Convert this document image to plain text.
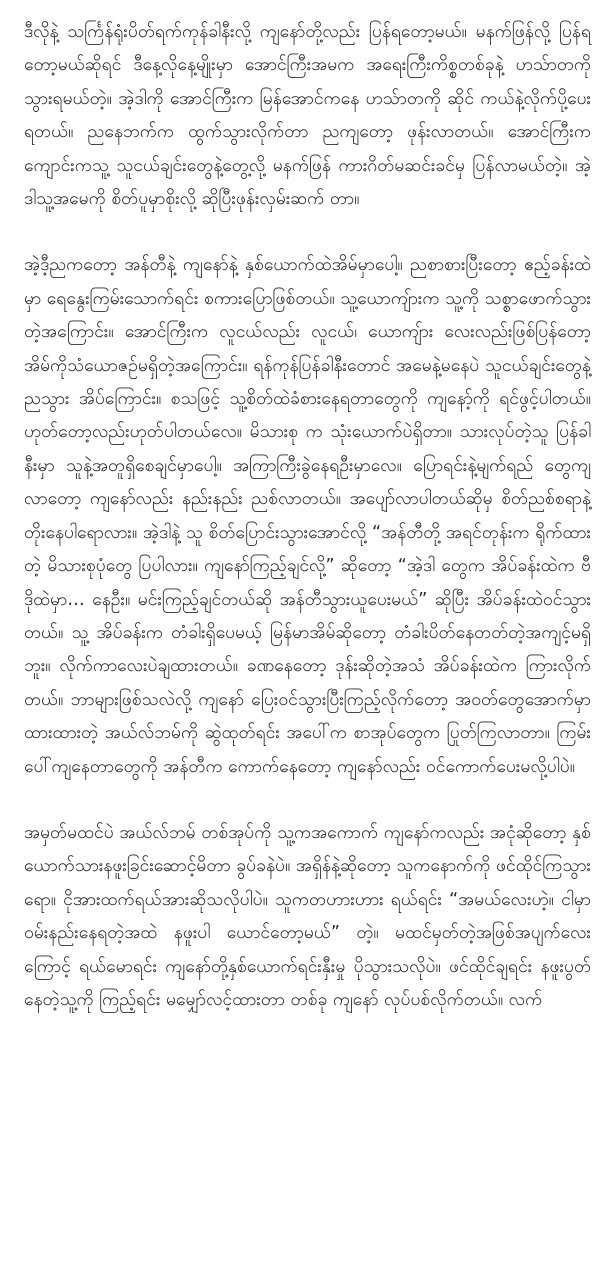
ဒီလိုနဲ့ သင်္ကြန်ရုံးပိတ်ရက်ကုန်ခါနီးလို့ ကျနော်တို့လည်း ပြန်ရတော့မယ်။ မနက်ဖြန်လို့ ပြန်ရတော့မယ်ဆိုရင် ဒီနေ့လိုနေ့မျိုးမှာ အောင်ကြီးအမက အရေးကြီးကိစ္စတစ်ခုနဲ့ ဟသ်ာတကိုသွားရမယ်တဲ့။ အဲ့ဒါကို အောင်ကြီးက မြန်အောင်ကနေ ဟသ်ာတကို ဆိုင် ကယ်နဲ့လိုက်ပို့ပေးရတယ်။ ညနေဘက်က ထွက်သွားလိုက်တာ ညကျတော့ ဖုန်းလာတယ်။ အောင်ကြီးက ကျောင်းကသူ့ သူငယ်ချင်းတွေနဲ့တွေ့လို့ မနက်ဖြန် ကားဂိတ်မဆင်းခင်မှ ပြန်လာမယ်တဲ့။ အဲ့ဒါသူ့အမေကို စိတ်ပူမှာစိုးလို့ ဆိုပြီးဖုန်းလှမ်းဆက် တာ။

အဲ့ဒီ့ညကတော့ အန်တီနဲ့ ကျနော်နဲ့ နှစ်ယောက်ထဲအိမ်မှာပေါ့။ ညစာစားပြီးတော့ ဧည့်ခန်းထဲမှာ ရေနွေးကြမ်းသောက်ရင်း စကားပြောဖြစ်တယ်။ သူ့ယောကျ်ားက သူ့ကို သစ္စာဖောက်သွားတဲ့အကြောင်း။ အောင်ကြီးက လူငယ်လည်း လူငယ်၊ ယောကျ်ား လေးလည်းဖြစ်ပြန်တော့ အိမ်ကိုသံယောဇဉ်မရှိတဲ့အကြောင်း။ ရန်ကုန်ပြန်ခါနီးတောင် အမေနဲ့မနေပဲ သူငယ်ချင်းတွေနဲ့ ညသွား အိပ်ကြောင်း။ စသဖြင့် သူ့စိတ်ထဲခံစားနေရတာတွေကို ကျနော့်ကို ရင်ဖွင့်ပါတယ်။ ဟုတ်တော့လည်းဟုတ်ပါတယ်လေ။ မိသားစု က သုံးယောက်ပဲရှိတာ။ သားလုပ်တဲ့သူ ပြန်ခါနီးမှာ သူနဲ့အတူရှိစေချင်မှာပေါ့။ အကြာကြီးခွဲနေရဦးမှာလေ။ ပြောရင်းနဲ့မျက်ရည် တွေကျလာတော့ ကျနော်လည်း နည်းနည်း ညစ်လာတယ်။ အပျော်လာပါတယ်ဆိုမှ စိတ်ညစ်စရာနဲ့တိုးနေပါရောလား။ အဲ့ဒါနဲ့ သူ စိတ်ပြောင်းသွားအောင်လို့ “အန်တီတို့ အရင်တုန်းက ရိုက်ထားတဲ့ မိသားစုပုံတွေ ပြပါလား။ ကျနော်ကြည့်ချင်လို့” ဆိုတော့ “အဲ့ဒါ တွေက အိပ်ခန်းထဲက ဗီဒိုထဲမှာ… နေဦး။ မင်းကြည့်ချင်တယ်ဆို အန်တီသွားယူပေးမယ်” ဆိုပြီး အိပ်ခန်းထဲဝင်သွားတယ်။ သူ့ အိပ်ခန်းက တံခါးရှိပေမယ့် မြန်မာအိမ်ဆိုတော့ တံခါးပိတ်နေတတ်တဲ့အကျင့်မရှိဘူး။ လိုက်ကာလေးပဲချထားတယ်။ ခဏနေတော့ ဒုန်းဆိုတဲ့အသံ အိပ်ခန်းထဲက ကြားလိုက်တယ်။ ဘာများဖြစ်သလဲလို့ ကျနော် ပြေးဝင်သွားပြီးကြည့်လိုက်တော့ အဝတ်တွေအောက်မှာ ထားထားတဲ့ အယ်လ်ဘမ်ကို ဆွဲထုတ်ရင်း အပေါ်က စာအုပ်တွေက ပြုတ်ကြလာတာ။ ကြမ်းပေါ်ကျနေတာတွေကို အန်တီက ကောက်နေတော့ ကျနော်လည်း ဝင်ကောက်ပေးမလို့ပါပဲ။

အမှတ်မထင်ပဲ အယ်လ်ဘမ် တစ်အုပ်ကို သူ့ကအကောက် ကျနော်ကလည်း အငုံဆိုတော့ နှစ်ယောက်သားနဖူးခြင်းဆောင့်မိတာ ခွပ်ခနဲပဲ။ အရှိန်နဲ့ဆိုတော့ သူကနောက်ကို ဖင်ထိုင်ကြသွားရော။ ငိုအားထက်ရယ်အားဆိုသလိုပါပဲ။ သူကတဟားဟား ရယ်ရင်း “အမယ်လေးဟဲ့။ ငါမှာ ဝမ်းနည်းနေရတဲ့အထဲ နဖူးပါ ယောင်တော့မယ်” တဲ့။ မထင်မှတ်တဲ့အဖြစ်အပျက်လေးကြောင့် ရယ်မောရင်း ကျနော်တို့နှစ်ယောက်ရင်းနှီးမှု ပိုသွားသလိုပဲ။ ဖင်ထိုင်ချရင်း နဖူးပွတ်နေတဲ့သူ့ကို ကြည့်ရင်း မမျှော်လင့်ထားတာ တစ်ခု ကျနော် လုပ်ပစ်လိုက်တယ်။ လက်
